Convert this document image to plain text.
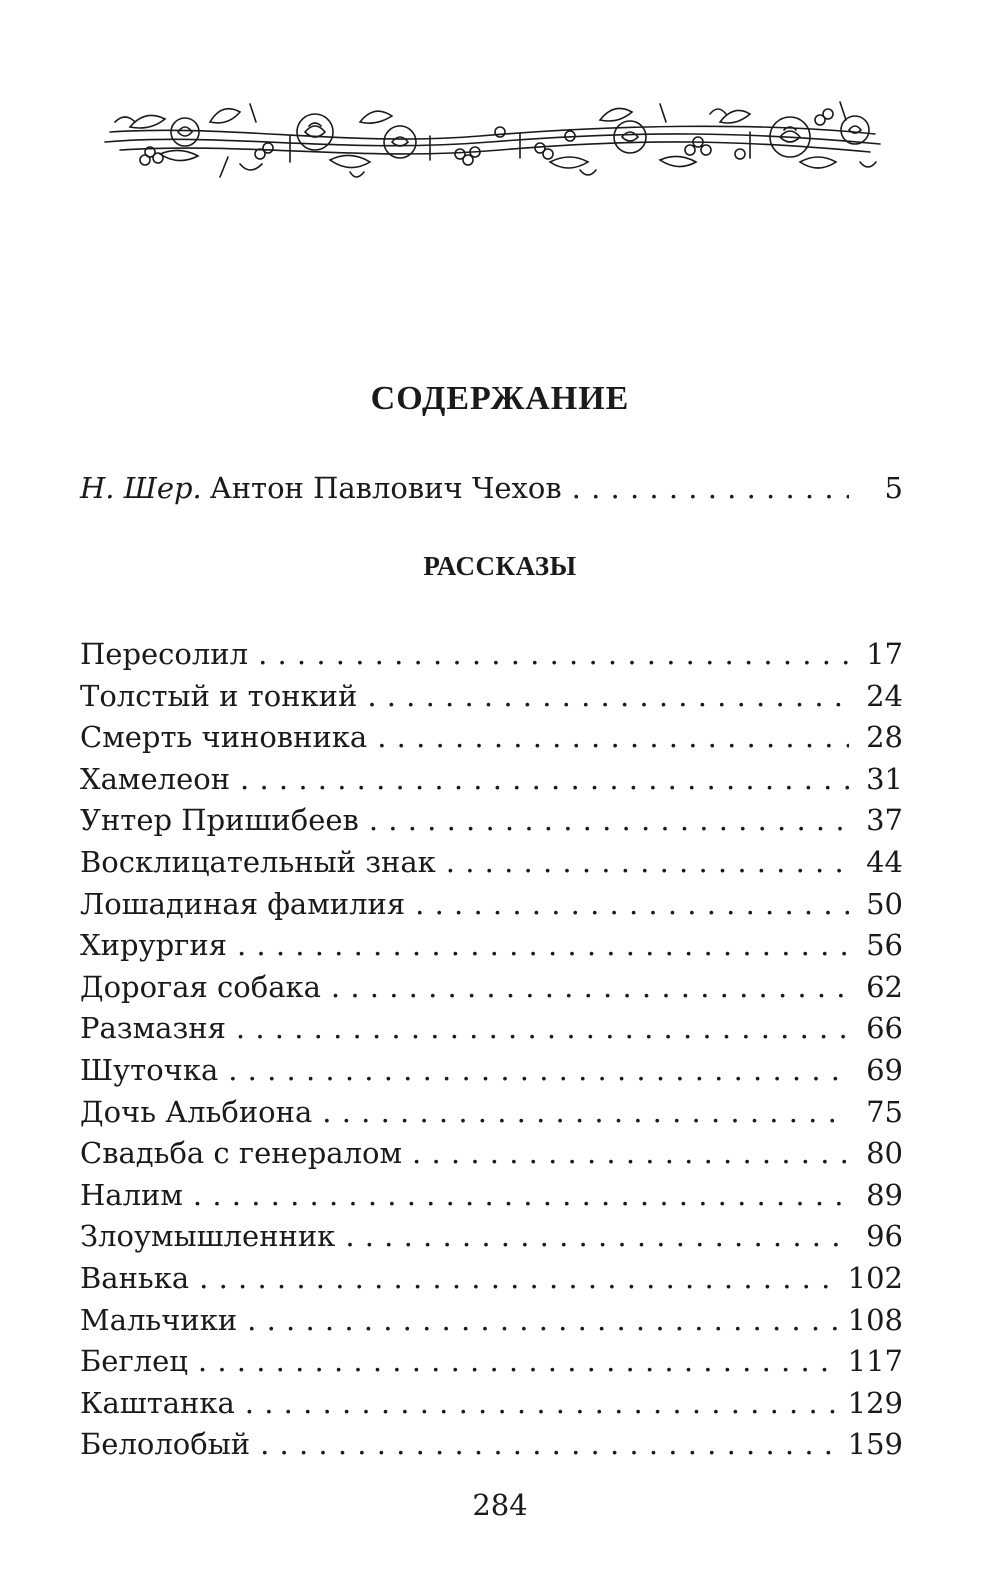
СОДЕРЖАНИЕ
Н. Шер. Антон Павлович Чехов . . .	5
РАССКАЗЫ
Пересолил . . .	17
Толстый и тонкий . . .	24
Смерть чиновника . . .	28
Хамелеон . . .	31
Унтер Пришибеев . . .	37
Восклицательный знак . . .	44
Лошадиная фамилия . . .	50
Хирургия . . .	56
Дорогая собака . . .	62
Размазня . . .	66
Шуточка . . .	69
Дочь Альбиона . . .	75
Свадьба с генералом . . .	80
Налим . . .	89
Злоумышленник . . .	96
Ванька . . .	102
Мальчики . . .	108
Беглец . . .	117
Каштанка . . .	129
Белолобый . . .	159
284
